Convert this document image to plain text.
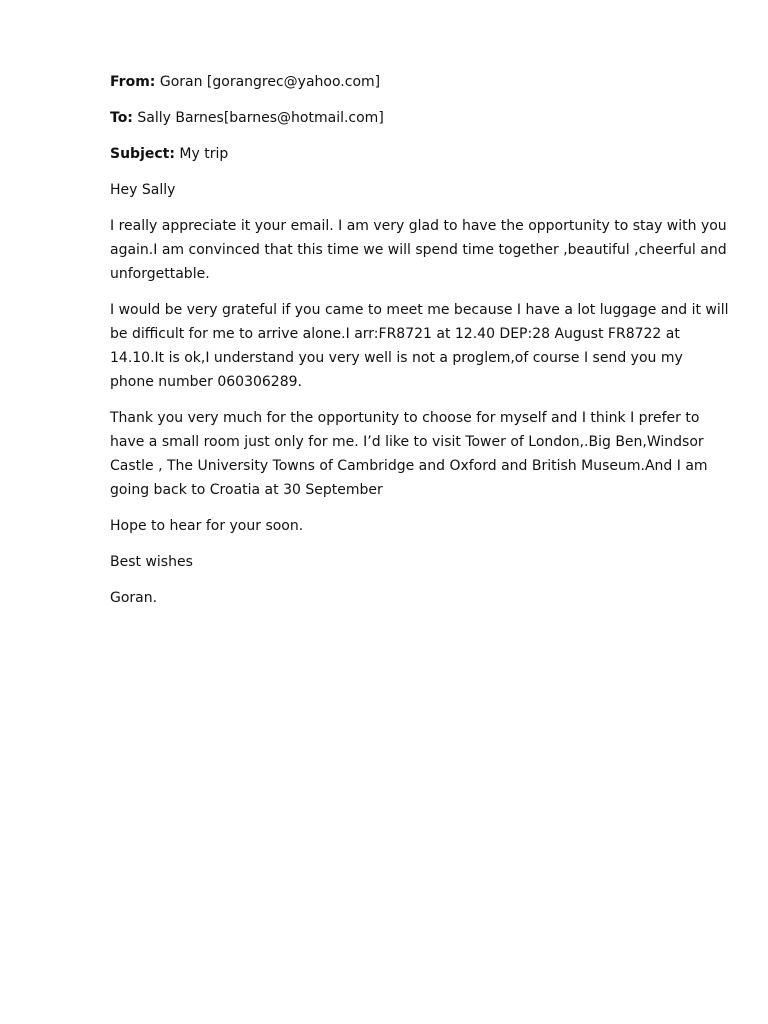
From: Goran [gorangrec@yahoo.com]

To: Sally Barnes[barnes@hotmail.com]

Subject: My trip

Hey Sally

I really appreciate it your email. I am very glad to have the opportunity to stay with you again.I am convinced that this time we will spend time together ,beautiful ,cheerful and unforgettable.

I would be very grateful if you came to meet me because I have a lot luggage and it will be difficult for me to arrive alone.I arr:FR8721 at 12.40 DEP:28 August FR8722 at 14.10.It is ok,I understand you very well is not a proglem,of course I send you my phone number 060306289.

Thank you very much for the opportunity to choose for myself and I think I prefer to have a small room just only for me. I’d like to visit Tower of London,.Big Ben,Windsor Castle , The University Towns of Cambridge and Oxford and British Museum.And I am going back to Croatia at 30 September

Hope to hear for your soon.

Best wishes

Goran.
